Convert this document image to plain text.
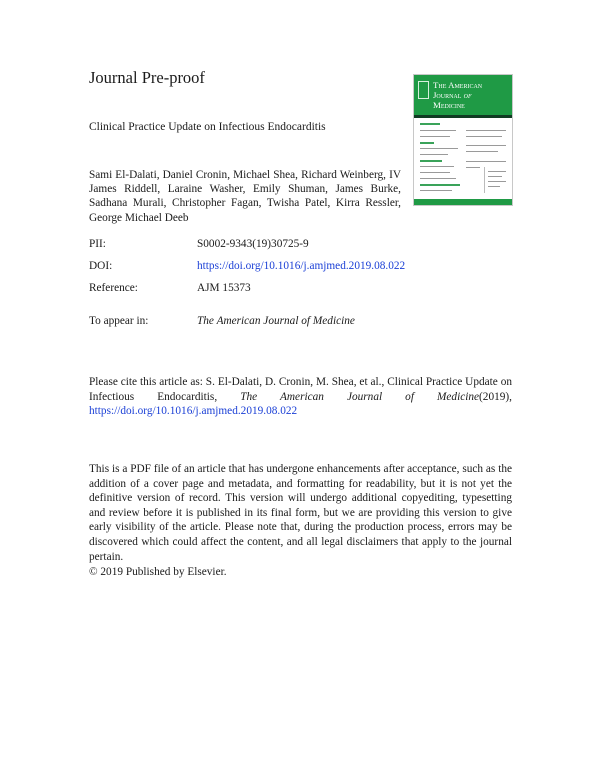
Journal Pre-proof	The American
Journal of
Medicine
Clinical Practice Update on Infectious Endocarditis
Sami El-Dalati, Daniel Cronin, Michael Shea, Richard Weinberg, IV James Riddell, Laraine Washer, Emily Shuman, James Burke, Sadhana Murali, Christopher Fagan, Twisha Patel, Kirra Ressler, George Michael Deeb
PII:	S0002-9343(19)30725-9
DOI:	https://doi.org/10.1016/j.amjmed.2019.08.022
Reference:	AJM 15373
To appear in:	The American Journal of Medicine
Please cite this article as: S. El-Dalati, D. Cronin, M. Shea, et al., Clinical Practice Update on Infectious Endocarditis, The American Journal of Medicine(2019), https://doi.org/10.1016/j.amjmed.2019.08.022
This is a PDF file of an article that has undergone enhancements after acceptance, such as the addition of a cover page and metadata, and formatting for readability, but it is not yet the definitive version of record. This version will undergo additional copyediting, typesetting and review before it is published in its final form, but we are providing this version to give early visibility of the article. Please note that, during the production process, errors may be discovered which could affect the content, and all legal disclaimers that apply to the journal pertain.
© 2019 Published by Elsevier.
